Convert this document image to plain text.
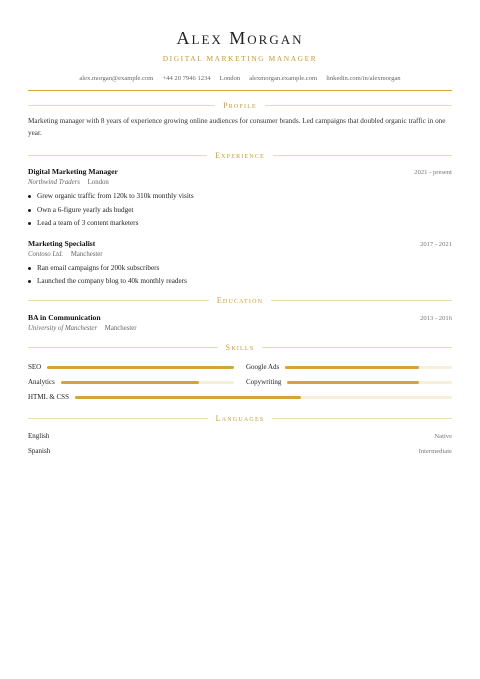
Alex Morgan
DIGITAL MARKETING MANAGER
alex.morgan@example.com +44 20 7946 1234 London alexmorgan.example.com linkedin.com/in/alexmorgan
Profile

Marketing manager with 8 years of experience growing online audiences for consumer brands. Led campaigns that doubled organic traffic in one year.

Experience
Digital Marketing Manager	2021 - present
Northwind Traders London
Grew organic traffic from 120k to 310k monthly visits
Own a 6-figure yearly ads budget
Lead a team of 3 content marketers
Marketing Specialist	2017 - 2021
Contoso Ltd. Manchester
Ran email campaigns for 200k subscribers
Launched the company blog to 40k monthly readers
Education
BA in Communication	2013 - 2016
University of Manchester Manchester
Skills
SEO	Google Ads
Analytics	Copywriting
HTML & CSS
Languages
English	Native
Spanish	Intermediate
